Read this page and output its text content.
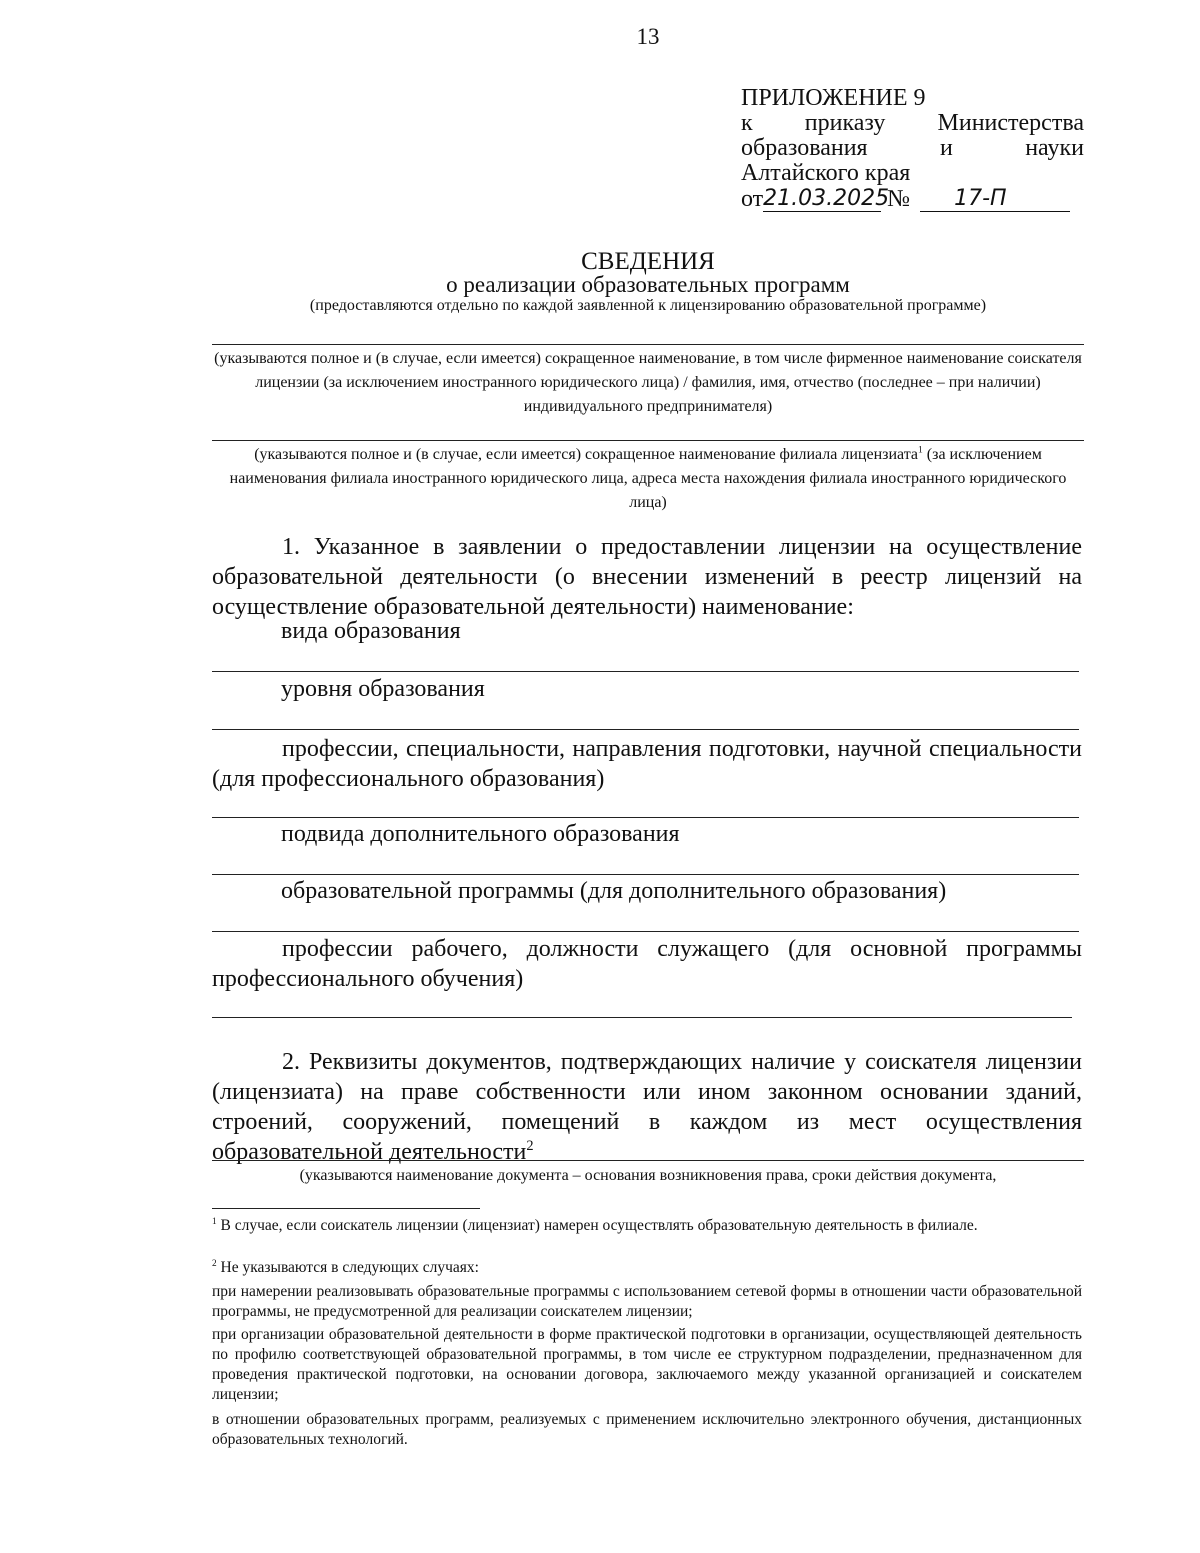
13
ПРИЛОЖЕНИЕ 9
к приказу Министерства
образования	и	науки
Алтайского края
от 21.03.2025
№	17-П
СВЕДЕНИЯ
о реализации образовательных программ
(предоставляются отдельно по каждой заявленной к лицензированию образовательной программе)
(указываются полное и (в случае, если имеется) сокращенное наименование, в том числе фирменное наименование соискателя лицензии (за исключением иностранного юридического лица) / фамилия, имя, отчество (последнее – при наличии) индивидуального предпринимателя)
(указываются полное и (в случае, если имеется) сокращенное наименование филиала лицензиата$^1$ (за исключением наименования филиала иностранного юридического лица, адреса места нахождения филиала иностранного юридического лица)
1. Указанное в заявлении о предоставлении лицензии на осуществление образовательной деятельности (о внесении изменений в реестр лицензий на осуществление образовательной деятельности) наименование:
вида образования
уровня образования
профессии, специальности, направления подготовки, научной специальности (для профессионального образования)
подвида дополнительного образования
образовательной программы (для дополнительного образования)
профессии рабочего, должности служащего (для основной программы профессионального обучения)
2. Реквизиты документов, подтверждающих наличие у соискателя лицензии (лицензиата) на праве собственности или ином законном основании зданий, строений, сооружений, помещений в каждом из мест осуществления образовательной деятельности$^2$
(указываются наименование документа – основания возникновения права, сроки действия документа,
$^1$ В случае, если соискатель лицензии (лицензиат) намерен осуществлять образовательную деятельность в филиале.
$^2$ Не указываются в следующих случаях:
при намерении реализовывать образовательные программы с использованием сетевой формы в отношении части образовательной программы, не предусмотренной для реализации соискателем лицензии;
при организации образовательной деятельности в форме практической подготовки в организации, осуществляющей деятельность по профилю соответствующей образовательной программы, в том числе ее структурном подразделении, предназначенном для проведения практической подготовки, на основании договора, заключаемого между указанной организацией и соискателем лицензии;
в отношении образовательных программ, реализуемых с применением исключительно электронного обучения, дистанционных образовательных технологий.
